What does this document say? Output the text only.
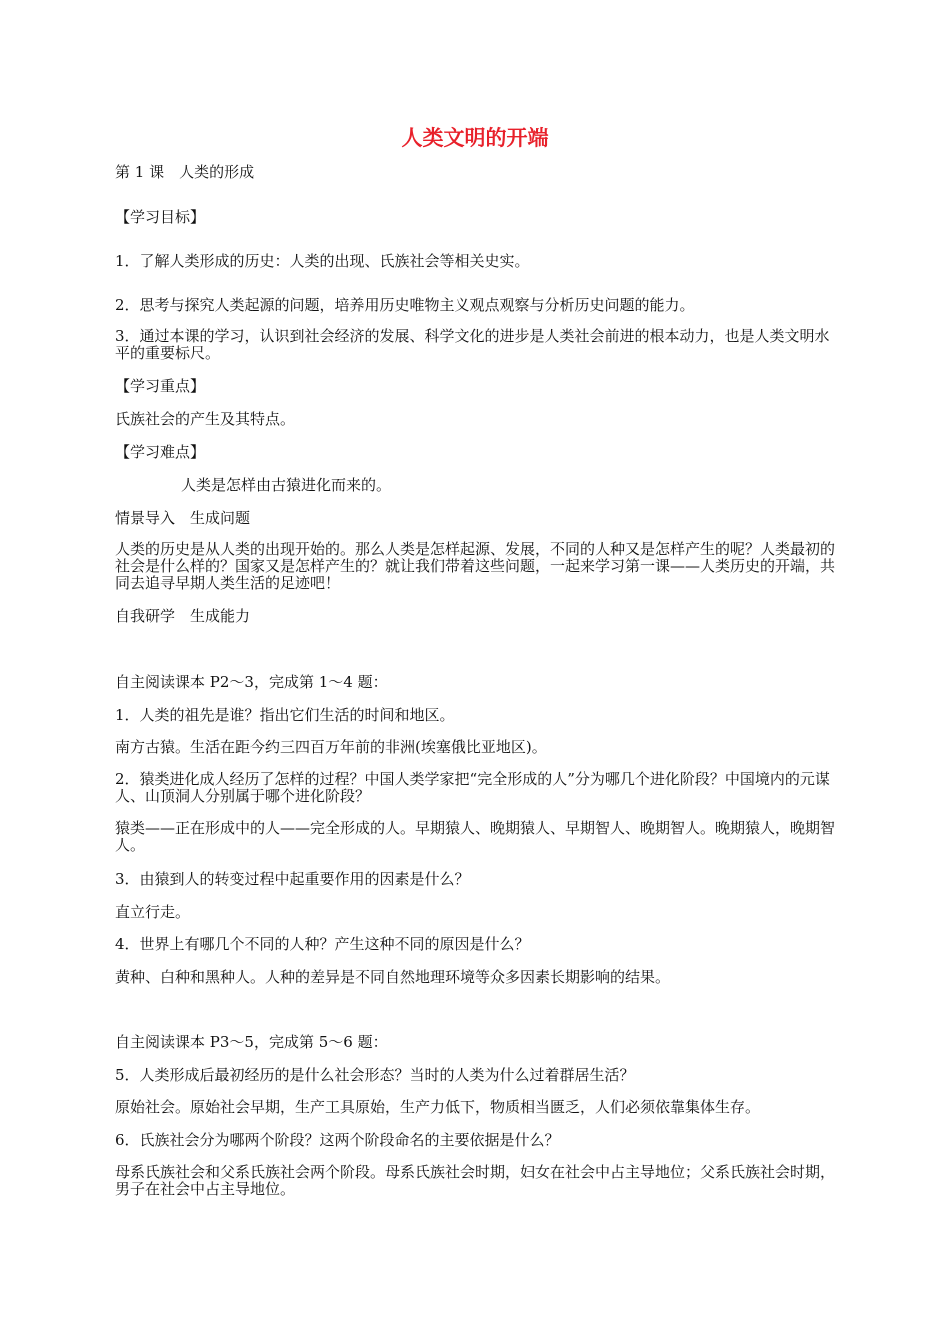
人类文明的开端

第 1 课　人类的形成

【学习目标】

1．了解人类形成的历史：人类的出现、氏族社会等相关史实。

2．思考与探究人类起源的问题，培养用历史唯物主义观点观察与分析历史问题的能力。

3．通过本课的学习，认识到社会经济的发展、科学文化的进步是人类社会前进的根本动力，也是人类文明水平的重要标尺。

【学习重点】

氏族社会的产生及其特点。

【学习难点】

人类是怎样由古猿进化而来的。

情景导入　生成问题

人类的历史是从人类的出现开始的。那么人类是怎样起源、发展，不同的人种又是怎样产生的呢？人类最初的社会是什么样的？国家又是怎样产生的？就让我们带着这些问题，一起来学习第一课——人类历史的开端，共同去追寻早期人类生活的足迹吧！

自我研学　生成能力

自主阅读课本 P2～3，完成第 1～4 题：

1．人类的祖先是谁？指出它们生活的时间和地区。

南方古猿。生活在距今约三四百万年前的非洲(埃塞俄比亚地区)。

2．猿类进化成人经历了怎样的过程？中国人类学家把“完全形成的人”分为哪几个进化阶段？中国境内的元谋人、山顶洞人分别属于哪个进化阶段？

猿类——正在形成中的人——完全形成的人。早期猿人、晚期猿人、早期智人、晚期智人。晚期猿人，晚期智人。

3．由猿到人的转变过程中起重要作用的因素是什么？

直立行走。

4．世界上有哪几个不同的人种？产生这种不同的原因是什么？

黄种、白种和黑种人。人种的差异是不同自然地理环境等众多因素长期影响的结果。

自主阅读课本 P3～5，完成第 5～6 题：

5．人类形成后最初经历的是什么社会形态？当时的人类为什么过着群居生活？

原始社会。原始社会早期，生产工具原始，生产力低下，物质相当匮乏，人们必须依靠集体生存。

6．氏族社会分为哪两个阶段？这两个阶段命名的主要依据是什么？

母系氏族社会和父系氏族社会两个阶段。母系氏族社会时期，妇女在社会中占主导地位；父系氏族社会时期，男子在社会中占主导地位。
